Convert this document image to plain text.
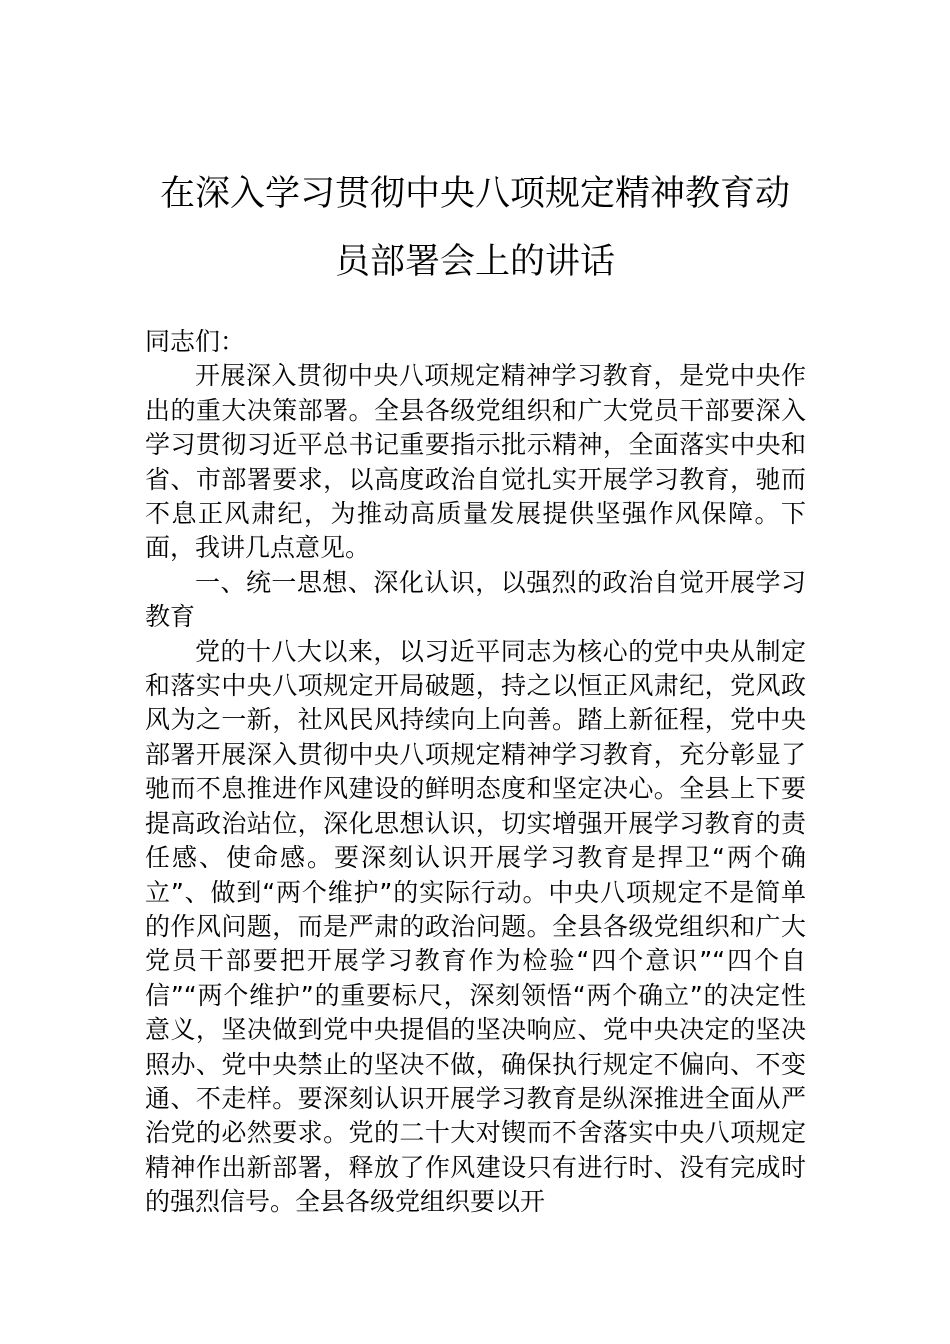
在深入学习贯彻中央八项规定精神教育动
员部署会上的讲话

同志们：

开展深入贯彻中央八项规定精神学习教育，是党中央作出的重大决策部署。全县各级党组织和广大党员干部要深入学习贯彻习近平总书记重要指示批示精神，全面落实中央和省、市部署要求，以高度政治自觉扎实开展学习教育，驰而不息正风肃纪，为推动高质量发展提供坚强作风保障。下面，我讲几点意见。

一、统一思想、深化认识，以强烈的政治自觉开展学习教育

党的十八大以来，以习近平同志为核心的党中央从制定和落实中央八项规定开局破题，持之以恒正风肃纪，党风政风为之一新，社风民风持续向上向善。踏上新征程，党中央部署开展深入贯彻中央八项规定精神学习教育，充分彰显了驰而不息推进作风建设的鲜明态度和坚定决心。全县上下要提高政治站位，深化思想认识，切实增强开展学习教育的责任感、使命感。要深刻认识开展学习教育是捍卫“两个确立”、做到“两个维护”的实际行动。中央八项规定不是简单的作风问题，而是严肃的政治问题。全县各级党组织和广大党员干部要把开展学习教育作为检验“四个意识”“四个自信”“两个维护”的重要标尺，深刻领悟“两个确立”的决定性意义，坚决做到党中央提倡的坚决响应、党中央决定的坚决照办、党中央禁止的坚决不做，确保执行规定不偏向、不变通、不走样。要深刻认识开展学习教育是纵深推进全面从严治党的必然要求。党的二十大对锲而不舍落实中央八项规定精神作出新部署，释放了作风建设只有进行时、没有完成时的强烈信号。全县各级党组织要以开
